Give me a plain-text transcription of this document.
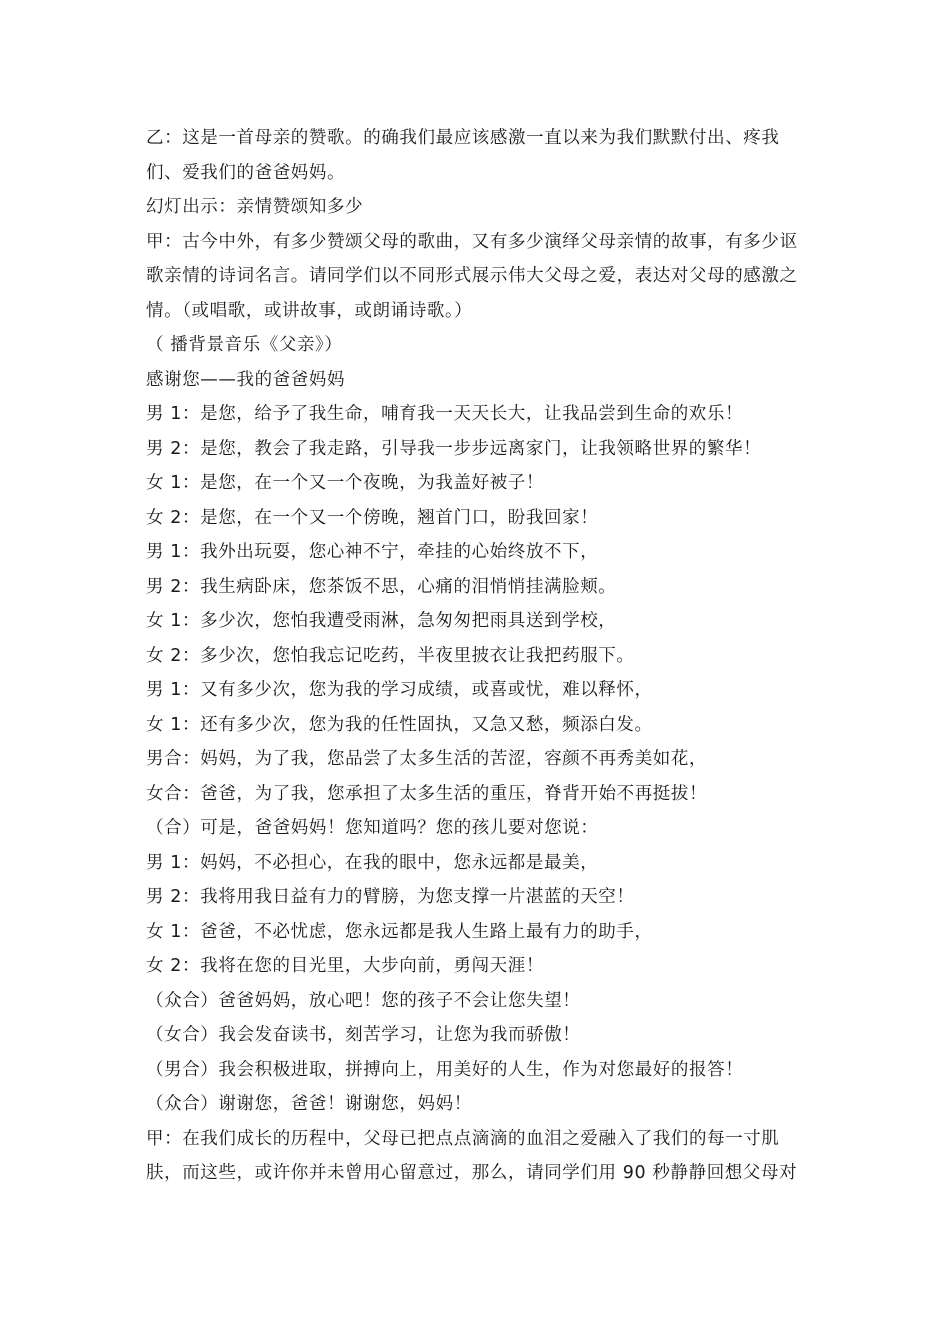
乙：这是一首母亲的赞歌。的确我们最应该感激一直以来为我们默默付出、疼我们、爱我们的爸爸妈妈。

幻灯出示：亲情赞颂知多少

甲：古今中外，有多少赞颂父母的歌曲，又有多少演绎父母亲情的故事，有多少讴歌亲情的诗词名言。请同学们以不同形式展示伟大父母之爱，表达对父母的感激之情。（或唱歌，或讲故事，或朗诵诗歌。）

（ 播背景音乐《父亲》）

感谢您——我的爸爸妈妈

男 1：是您，给予了我生命，哺育我一天天长大，让我品尝到生命的欢乐！

男 2：是您，教会了我走路，引导我一步步远离家门，让我领略世界的繁华！

女 1：是您，在一个又一个夜晚，为我盖好被子！

女 2：是您，在一个又一个傍晚，翘首门口，盼我回家！

男 1：我外出玩耍，您心神不宁，牵挂的心始终放不下，

男 2：我生病卧床，您茶饭不思，心痛的泪悄悄挂满脸颊。

女 1：多少次，您怕我遭受雨淋，急匆匆把雨具送到学校，

女 2：多少次，您怕我忘记吃药，半夜里披衣让我把药服下。

男 1：又有多少次，您为我的学习成绩，或喜或忧，难以释怀，

女 1：还有多少次，您为我的任性固执，又急又愁，频添白发。

男合：妈妈，为了我，您品尝了太多生活的苦涩，容颜不再秀美如花，

女合：爸爸，为了我，您承担了太多生活的重压，脊背开始不再挺拔！

（合）可是，爸爸妈妈！您知道吗？您的孩儿要对您说：

男 1：妈妈，不必担心，在我的眼中，您永远都是最美，

男 2：我将用我日益有力的臂膀，为您支撑一片湛蓝的天空！

女 1：爸爸，不必忧虑，您永远都是我人生路上最有力的助手，

女 2：我将在您的目光里，大步向前，勇闯天涯！

（众合）爸爸妈妈，放心吧！您的孩子不会让您失望！

（女合）我会发奋读书，刻苦学习，让您为我而骄傲！

（男合）我会积极进取，拼搏向上，用美好的人生，作为对您最好的报答！

（众合）谢谢您，爸爸！谢谢您，妈妈！

甲：在我们成长的历程中，父母已把点点滴滴的血泪之爱融入了我们的每一寸肌肤，而这些，或许你并未曾用心留意过，那么，请同学们用 90 秒静静回想父母对
